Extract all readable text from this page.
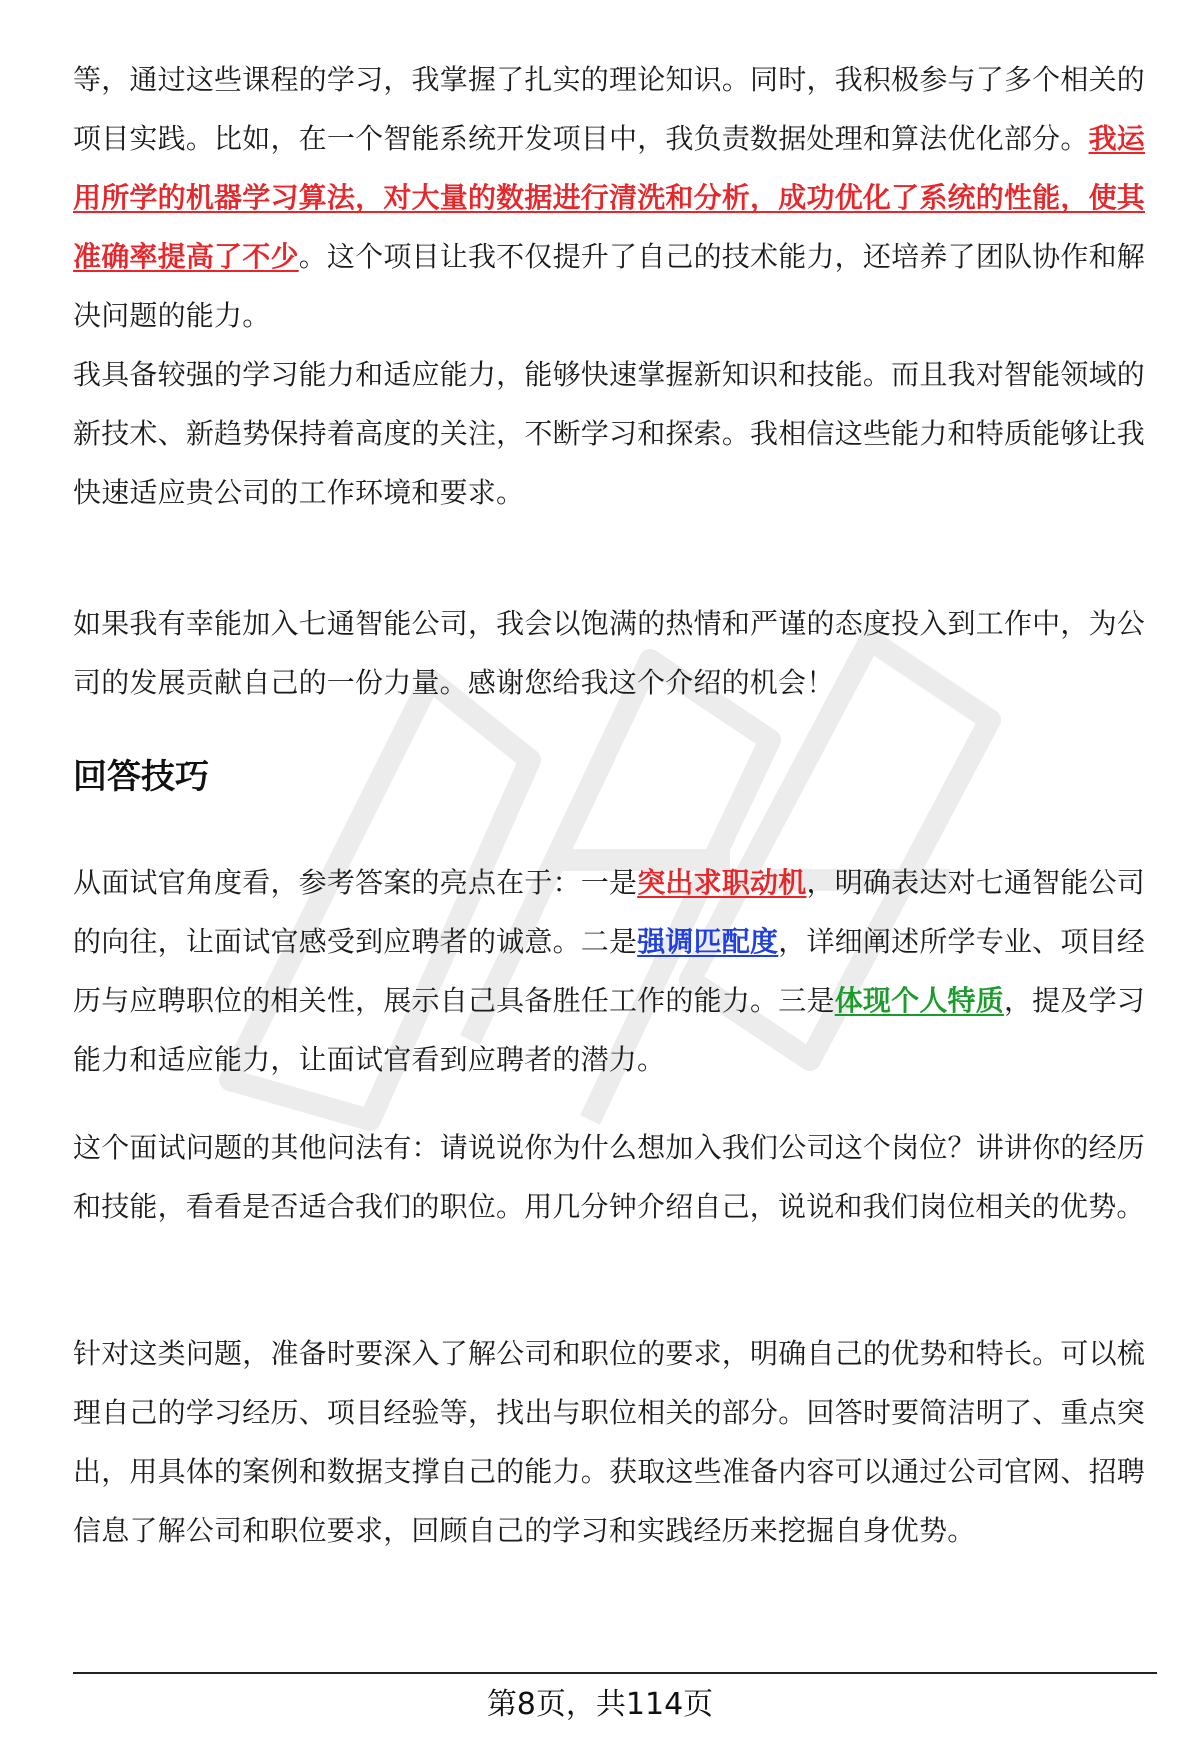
等，通过这些课程的学习，我掌握了扎实的理论知识。同时，我积极参与了多个相关的项目实践。比如，在一个智能系统开发项目中，我负责数据处理和算法优化部分。我运用所学的机器学习算法，对大量的数据进行清洗和分析，成功优化了系统的性能，使其准确率提高了不少。这个项目让我不仅提升了自己的技术能力，还培养了团队协作和解决问题的能力。

我具备较强的学习能力和适应能力，能够快速掌握新知识和技能。而且我对智能领域的新技术、新趋势保持着高度的关注，不断学习和探索。我相信这些能力和特质能够让我快速适应贵公司的工作环境和要求。

如果我有幸能加入七通智能公司，我会以饱满的热情和严谨的态度投入到工作中，为公司的发展贡献自己的一份力量。感谢您给我这个介绍的机会！

回答技巧

从面试官角度看，参考答案的亮点在于：一是突出求职动机，明确表达对七通智能公司的向往，让面试官感受到应聘者的诚意。二是强调匹配度，详细阐述所学专业、项目经历与应聘职位的相关性，展示自己具备胜任工作的能力。三是体现个人特质，提及学习能力和适应能力，让面试官看到应聘者的潜力。

这个面试问题的其他问法有：请说说你为什么想加入我们公司这个岗位？讲讲你的经历和技能，看看是否适合我们的职位。用几分钟介绍自己，说说和我们岗位相关的优势。

针对这类问题，准备时要深入了解公司和职位的要求，明确自己的优势和特长。可以梳理自己的学习经历、项目经验等，找出与职位相关的部分。回答时要简洁明了、重点突出，用具体的案例和数据支撑自己的能力。获取这些准备内容可以通过公司官网、招聘信息了解公司和职位要求，回顾自己的学习和实践经历来挖掘自身优势。

第8页，共114页
